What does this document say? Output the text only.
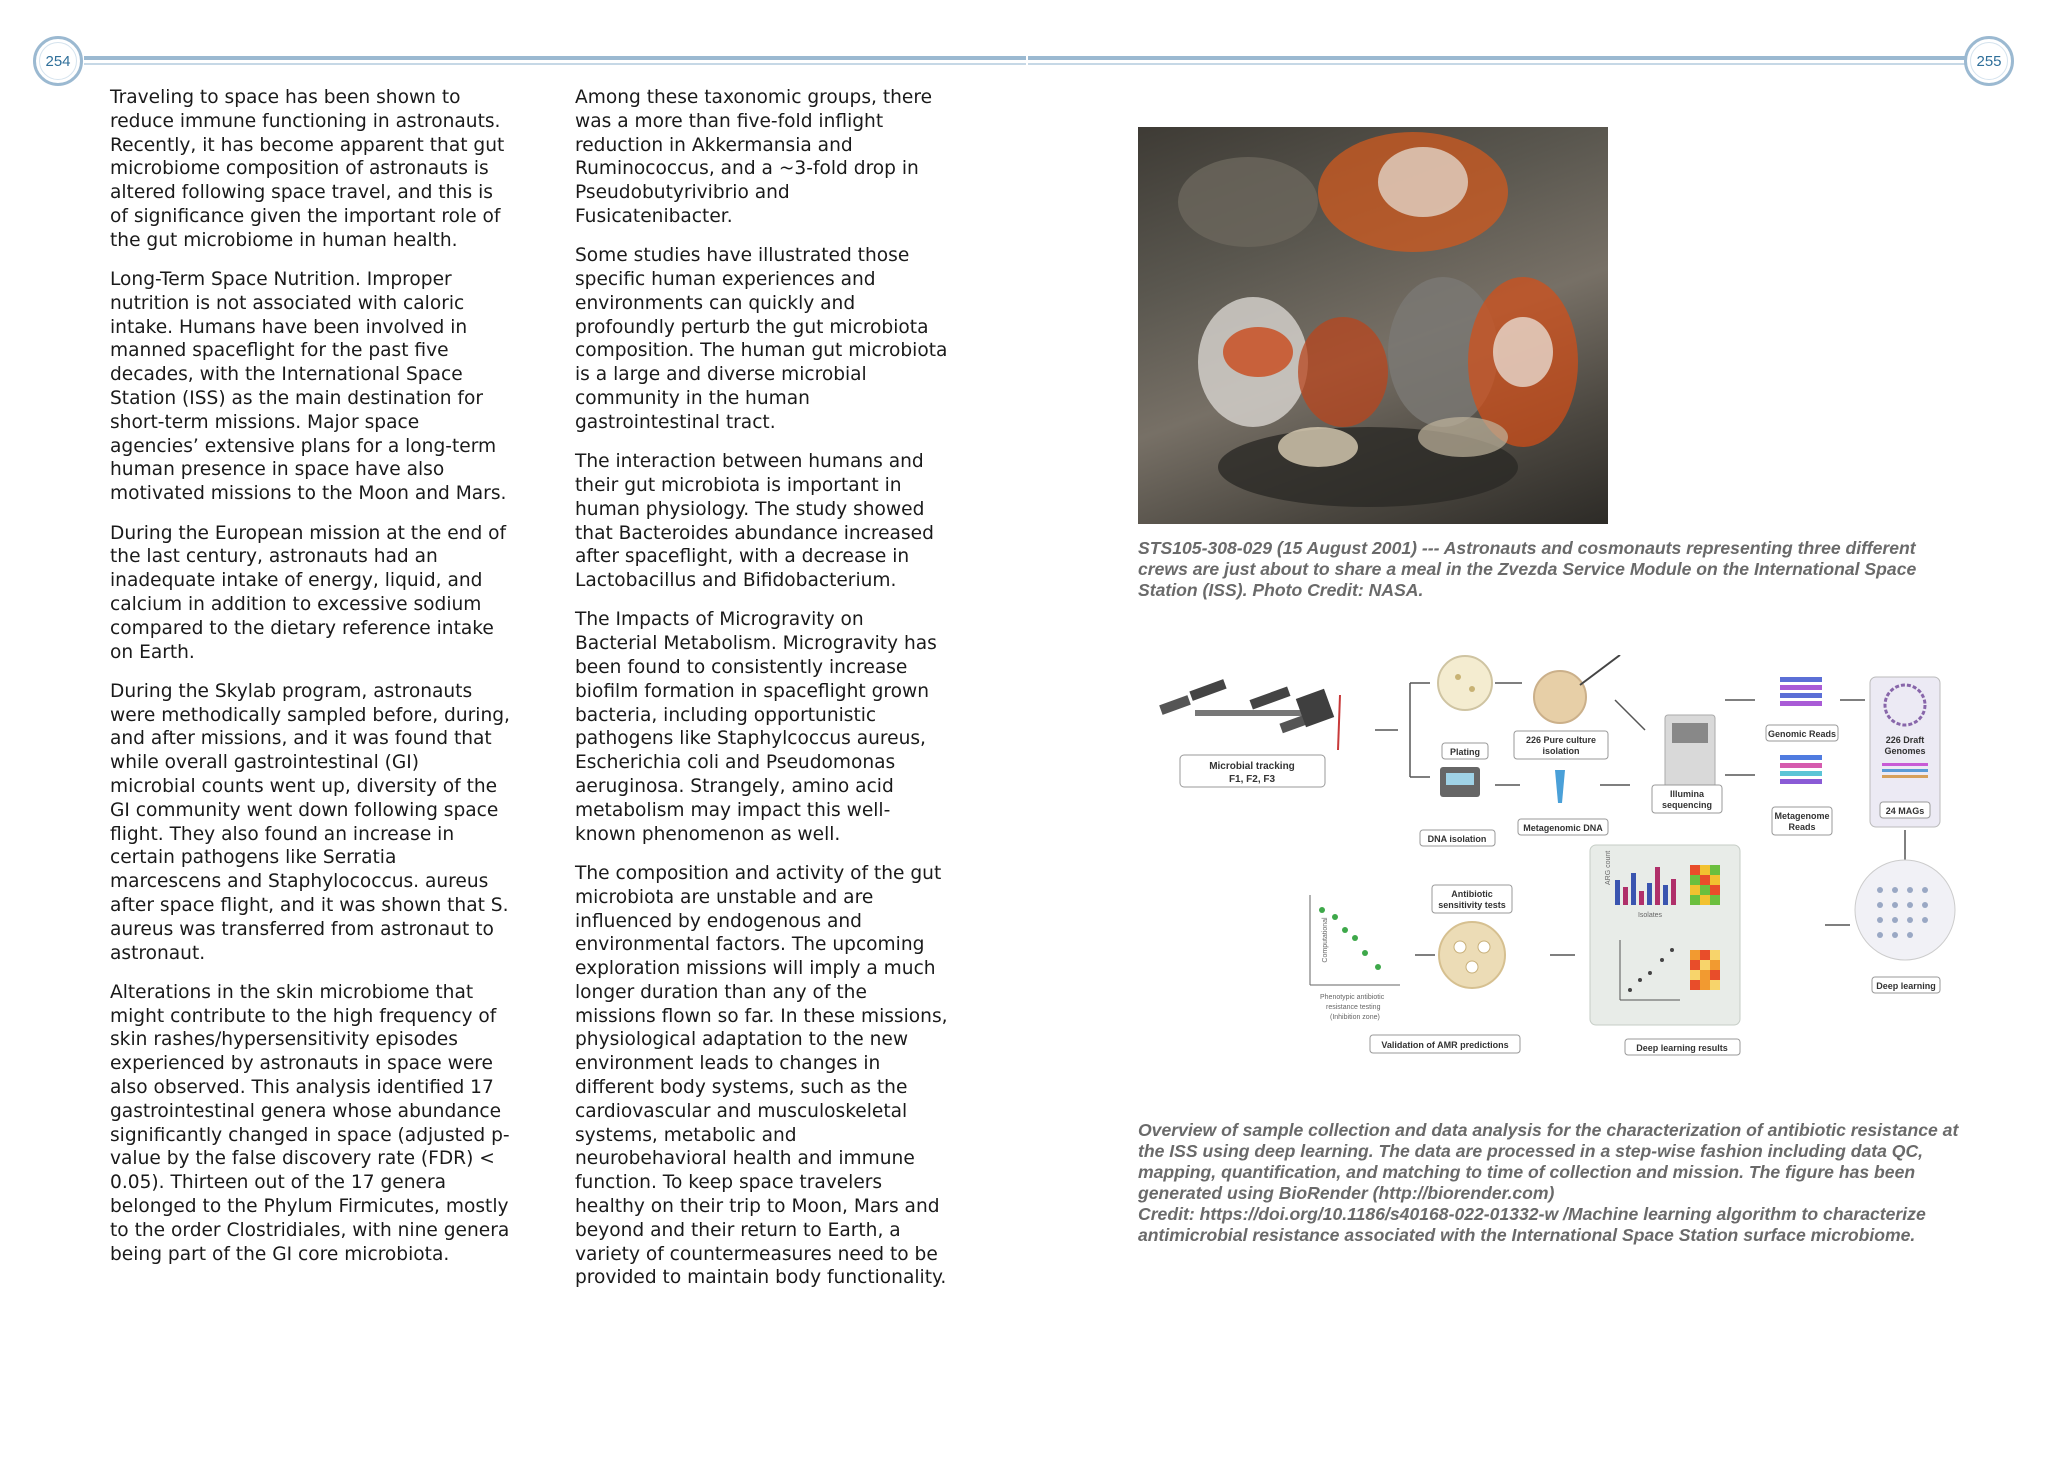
254	255

Traveling to space has been shown to reduce immune functioning in astronauts. Recently, it has become apparent that gut microbiome composition of astronauts is altered following space travel, and this is of significance given the important role of the gut microbiome in human health.

Long-Term Space Nutrition. Improper nutrition is not associated with caloric intake. Humans have been involved in manned spaceflight for the past five decades, with the International Space Station (ISS) as the main destination for short-term missions. Major space agencies’ extensive plans for a long-term human presence in space have also motivated missions to the Moon and Mars.

During the European mission at the end of the last century, astronauts had an inadequate intake of energy, liquid, and calcium in addition to excessive sodium compared to the dietary reference intake on Earth.

During the Skylab program, astronauts were methodically sampled before, during, and after missions, and it was found that while overall gastrointestinal (GI) microbial counts went up, diversity of the GI community went down following space flight. They also found an increase in certain pathogens like Serratia marcescens and Staphylococcus. aureus after space flight, and it was shown that S. aureus was transferred from astronaut to astronaut.

Alterations in the skin microbiome that might contribute to the high frequency of skin rashes/hypersensitivity episodes experienced by astronauts in space were also observed. This analysis identified 17 gastrointestinal genera whose abundance significantly changed in space (adjusted p-value by the false discovery rate (FDR) < 0.05). Thirteen out of the 17 genera belonged to the Phylum Firmicutes, mostly to the order Clostridiales, with nine genera being part of the GI core microbiota.

Among these taxonomic groups, there was a more than five-fold inflight reduction in Akkermansia and Ruminococcus, and a ~3-fold drop in Pseudobutyrivibrio and Fusicatenibacter.

Some studies have illustrated those specific human experiences and environments can quickly and profoundly perturb the gut microbiota composition. The human gut microbiota is a large and diverse microbial community in the human gastrointestinal tract.

The interaction between humans and their gut microbiota is important in human physiology. The study showed that Bacteroides abundance increased after spaceflight, with a decrease in Lactobacillus and Bifidobacterium.

The Impacts of Microgravity on Bacterial Metabolism. Microgravity has been found to consistently increase biofilm formation in spaceflight grown bacteria, including opportunistic pathogens like Staphylcoccus aureus, Escherichia coli and Pseudomonas aeruginosa. Strangely, amino acid metabolism may impact this well-known phenomenon as well.

The composition and activity of the gut microbiota are unstable and are influenced by endogenous and environmental factors. The upcoming exploration missions will imply a much longer duration than any of the missions flown so far. In these missions, physiological adaptation to the new environment leads to changes in different body systems, such as the cardiovascular and musculoskeletal systems, metabolic and neurobehavioral health and immune function. To keep space travelers healthy on their trip to Moon, Mars and beyond and their return to Earth, a variety of countermeasures need to be provided to maintain body functionality.

STS105-308-029 (15 August 2001) --- Astronauts and cosmonauts representing three different crews are just about to share a meal in the Zvezda Service Module on the International Space Station (ISS). Photo Credit: NASA.

Microbial tracking
F1, F2, F3
Plating
226 Pure culture
isolation
Illumina
sequencing
Genomic Reads
Metagenome
Reads
226 Draft
Genomes
24 MAGs
DNA isolation
Metagenomic DNA
Deep learning
ARG count
Isolates
Deep learning results
Antibiotic
sensitivity tests
Computational
Phenotypic antibiotic
resistance testing
(Inhibition zone)
Validation of AMR predictions

Overview of sample collection and data analysis for the characterization of antibiotic resistance at the ISS using deep learning. The data are processed in a step-wise fashion including data QC, mapping, quantification, and matching to time of collection and mission. The figure has been generated using BioRender (http://biorender.com)

Credit: https://doi.org/10.1186/s40168-022-01332-w /Machine learning algorithm to characterize antimicrobial resistance associated with the International Space Station surface microbiome.
